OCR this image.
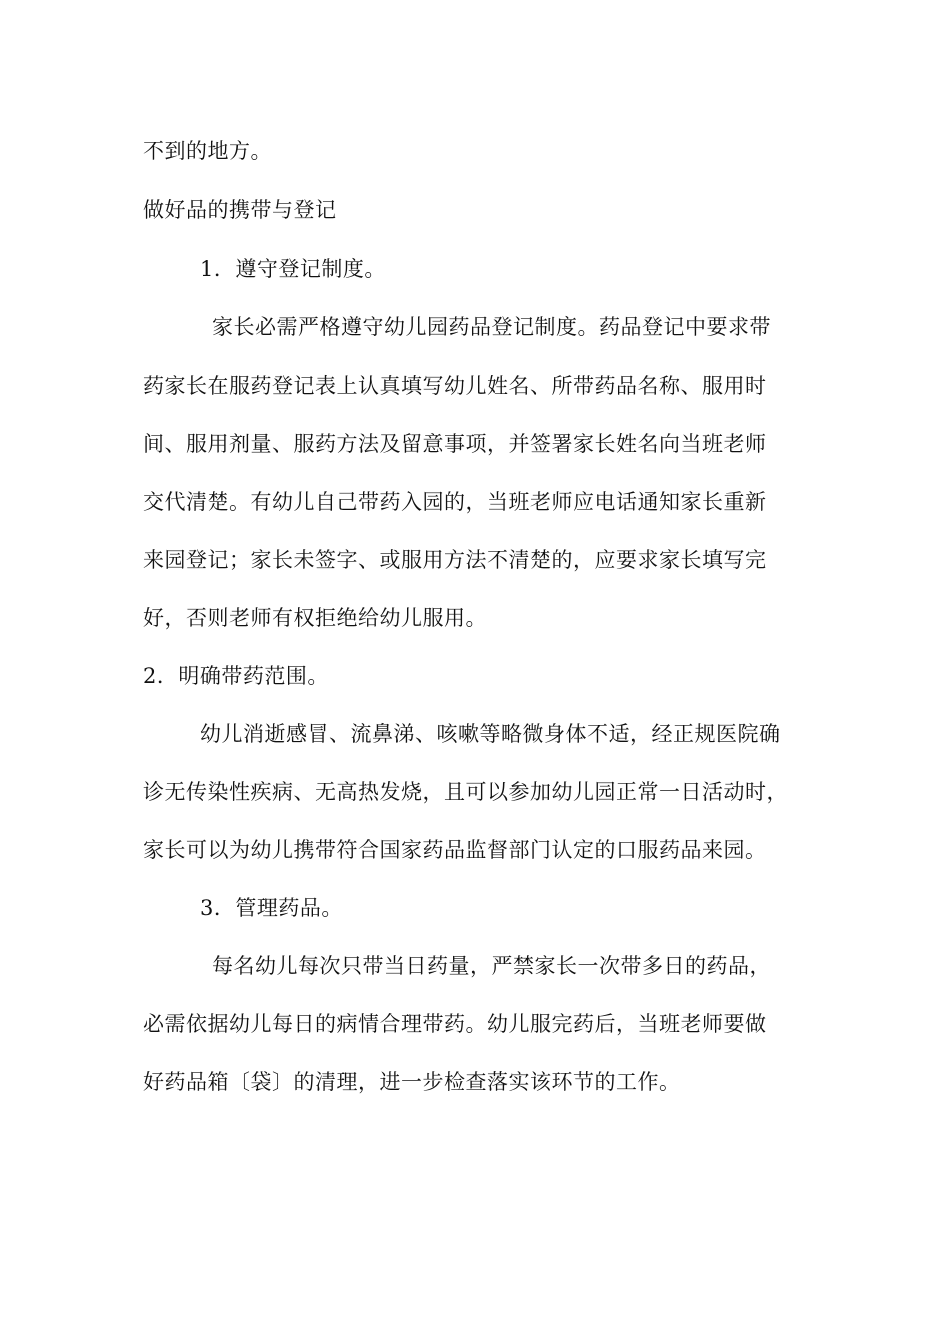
不到的地方。
做好品的携带与登记
1．遵守登记制度。
家长必需严格遵守幼儿园药品登记制度。药品登记中要求带
药家长在服药登记表上认真填写幼儿姓名、所带药品名称、服用时
间、服用剂量、服药方法及留意事项，并签署家长姓名向当班老师
交代清楚。有幼儿自己带药入园的，当班老师应电话通知家长重新
来园登记；家长未签字、或服用方法不清楚的，应要求家长填写完
好，否则老师有权拒绝给幼儿服用。
2．明确带药范围。
幼儿消逝感冒、流鼻涕、咳嗽等略微身体不适，经正规医院确
诊无传染性疾病、无高热发烧，且可以参加幼儿园正常一日活动时，
家长可以为幼儿携带符合国家药品监督部门认定的口服药品来园。
3．管理药品。
每名幼儿每次只带当日药量，严禁家长一次带多日的药品，
必需依据幼儿每日的病情合理带药。幼儿服完药后，当班老师要做
好药品箱〔袋〕的清理，进一步检查落实该环节的工作。
